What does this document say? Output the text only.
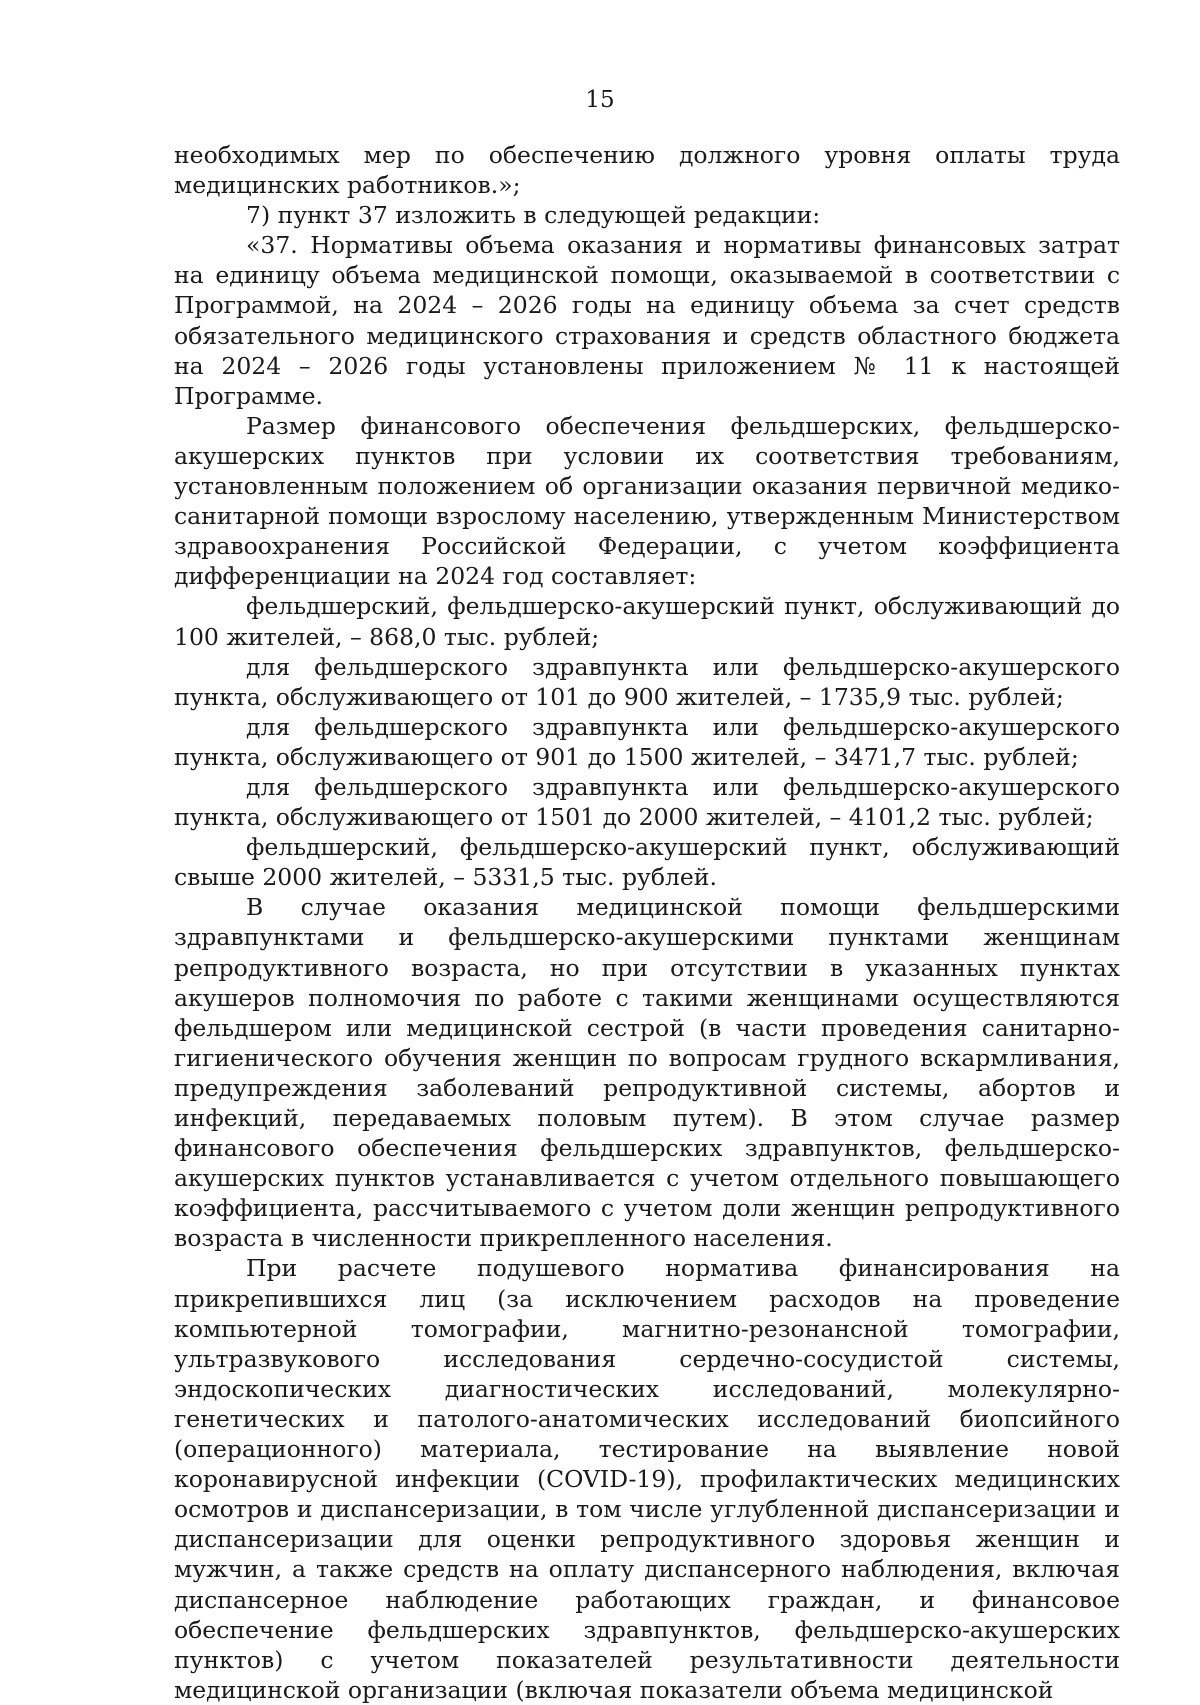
15

необходимых мер по обеспечению должного уровня оплаты труда медицинских работников.»;

7) пункт 37 изложить в следующей редакции:

«37. Нормативы объема оказания и нормативы финансовых затрат на единицу объема медицинской помощи, оказываемой в соответствии с Программой, на 2024 – 2026 годы на единицу объема за счет средств обязательного медицинского страхования и средств областного бюджета на 2024 – 2026 годы установлены приложением № 11 к настоящей Программе.

Размер финансового обеспечения фельдшерских, фельдшерско-акушерских пунктов при условии их соответствия требованиям, установленным положением об организации оказания первичной медико-санитарной помощи взрослому населению, утвержденным Министерством здравоохранения Российской Федерации, с учетом коэффициента дифференциации на 2024 год составляет:

фельдшерский, фельдшерско-акушерский пункт, обслуживающий до 100 жителей, – 868,0 тыс. рублей;

для фельдшерского здравпункта или фельдшерско-акушерского пункта, обслуживающего от 101 до 900 жителей, – 1735,9 тыс. рублей;

для фельдшерского здравпункта или фельдшерско-акушерского пункта, обслуживающего от 901 до 1500 жителей, – 3471,7 тыс. рублей;

для фельдшерского здравпункта или фельдшерско-акушерского пункта, обслуживающего от 1501 до 2000 жителей, – 4101,2 тыс. рублей;

фельдшерский, фельдшерско-акушерский пункт, обслуживающий свыше 2000 жителей, – 5331,5 тыс. рублей.

В случае оказания медицинской помощи фельдшерскими здравпунктами и фельдшерско-акушерскими пунктами женщинам репродуктивного возраста, но при отсутствии в указанных пунктах акушеров полномочия по работе с такими женщинами осуществляются фельдшером или медицинской сестрой (в части проведения санитарно-гигиенического обучения женщин по вопросам грудного вскармливания, предупреждения заболеваний репродуктивной системы, абортов и инфекций, передаваемых половым путем). В этом случае размер финансового обеспечения фельдшерских здравпунктов, фельдшерско-акушерских пунктов устанавливается с учетом отдельного повышающего коэффициента, рассчитываемого с учетом доли женщин репродуктивного возраста в численности прикрепленного населения.

При расчете подушевого норматива финансирования на прикрепившихся лиц (за исключением расходов на проведение компьютерной томографии, магнитно-резонансной томографии, ультразвукового исследования сердечно-сосудистой системы, эндоскопических диагностических исследований, молекулярно-генетических и патолого-анатомических исследований биопсийного (операционного) материала, тестирование на выявление новой коронавирусной инфекции (COVID-19), профилактических медицинских осмотров и диспансеризации, в том числе углубленной диспансеризации и диспансеризации для оценки репродуктивного здоровья женщин и мужчин, а также средств на оплату диспансерного наблюдения, включая диспансерное наблюдение работающих граждан, и финансовое обеспечение фельдшерских здравпунктов, фельдшерско-акушерских пунктов) с учетом показателей результативности деятельности медицинской организации (включая показатели объема медицинской
